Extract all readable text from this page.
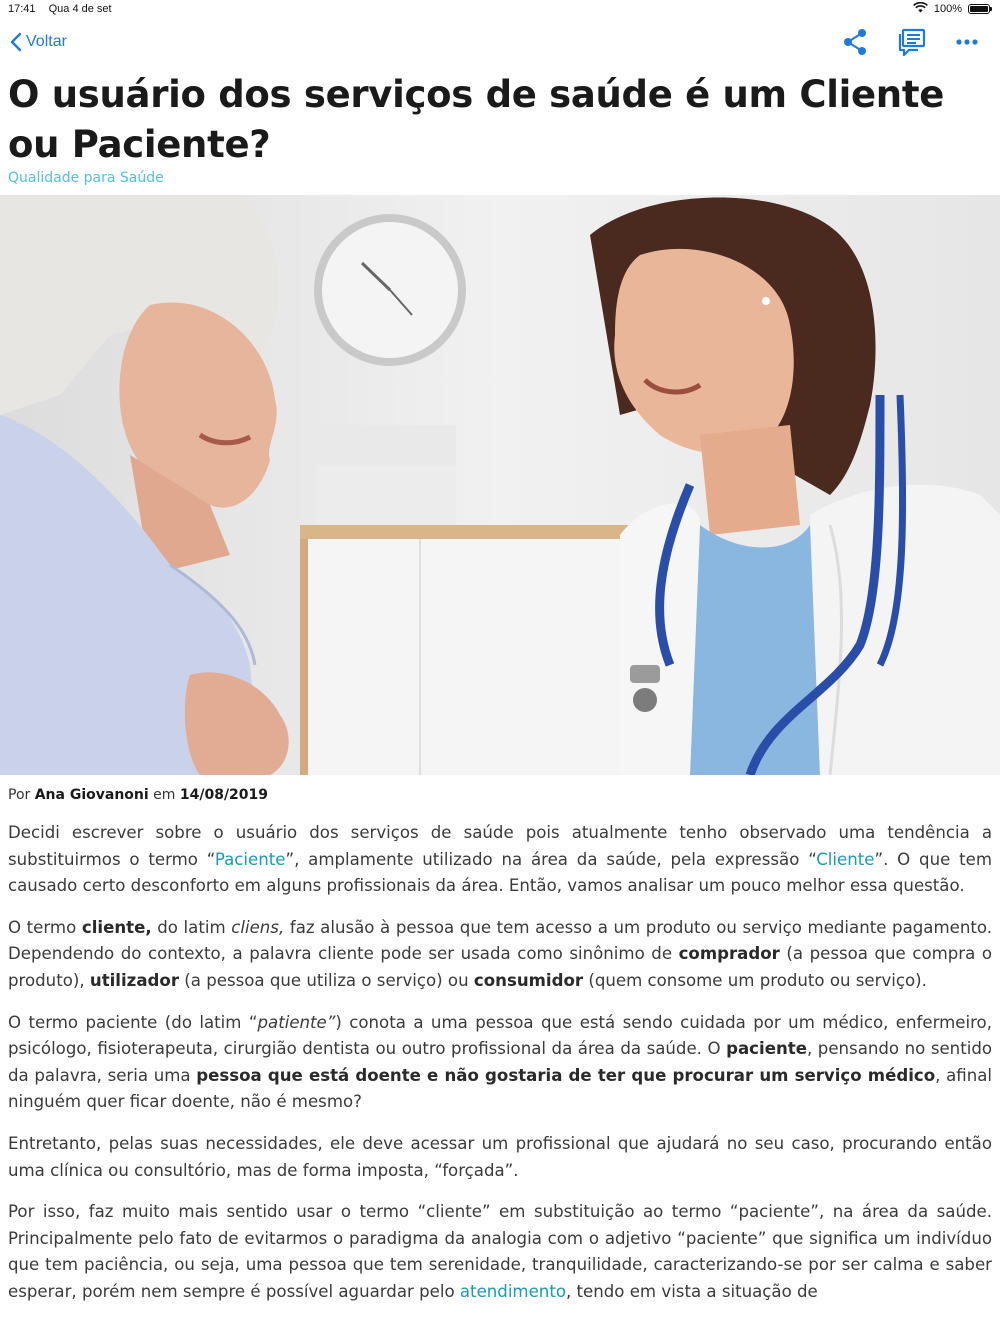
17:41 Qua 4 de set	100%
Voltar
O usuário dos serviços de saúde é um Cliente ou Paciente?
Qualidade para Saúde
Por Ana Giovanoni em 14/08/2019

Decidi escrever sobre o usuário dos serviços de saúde pois atualmente tenho observado uma tendência a substituirmos o termo “Paciente”, amplamente utilizado na área da saúde, pela expressão “Cliente”. O que tem causado certo desconforto em alguns profissionais da área. Então, vamos analisar um pouco melhor essa questão.

O termo cliente, do latim cliens, faz alusão à pessoa que tem acesso a um produto ou serviço mediante pagamento. Dependendo do contexto, a palavra cliente pode ser usada como sinônimo de comprador (a pessoa que compra o produto), utilizador (a pessoa que utiliza o serviço) ou consumidor (quem consome um produto ou serviço).

O termo paciente (do latim “patiente”) conota a uma pessoa que está sendo cuidada por um médico, enfermeiro, psicólogo, fisioterapeuta, cirurgião dentista ou outro profissional da área da saúde. O paciente, pensando no sentido da palavra, seria uma pessoa que está doente e não gostaria de ter que procurar um serviço médico, afinal ninguém quer ficar doente, não é mesmo?

Entretanto, pelas suas necessidades, ele deve acessar um profissional que ajudará no seu caso, procurando então uma clínica ou consultório, mas de forma imposta, “forçada”.

Por isso, faz muito mais sentido usar o termo “cliente” em substituição ao termo “paciente”, na área da saúde. Principalmente pelo fato de evitarmos o paradigma da analogia com o adjetivo “paciente” que significa um indivíduo que tem paciência, ou seja, uma pessoa que tem serenidade, tranquilidade, caracterizando-se por ser calma e saber esperar, porém nem sempre é possível aguardar pelo atendimento, tendo em vista a situação de
